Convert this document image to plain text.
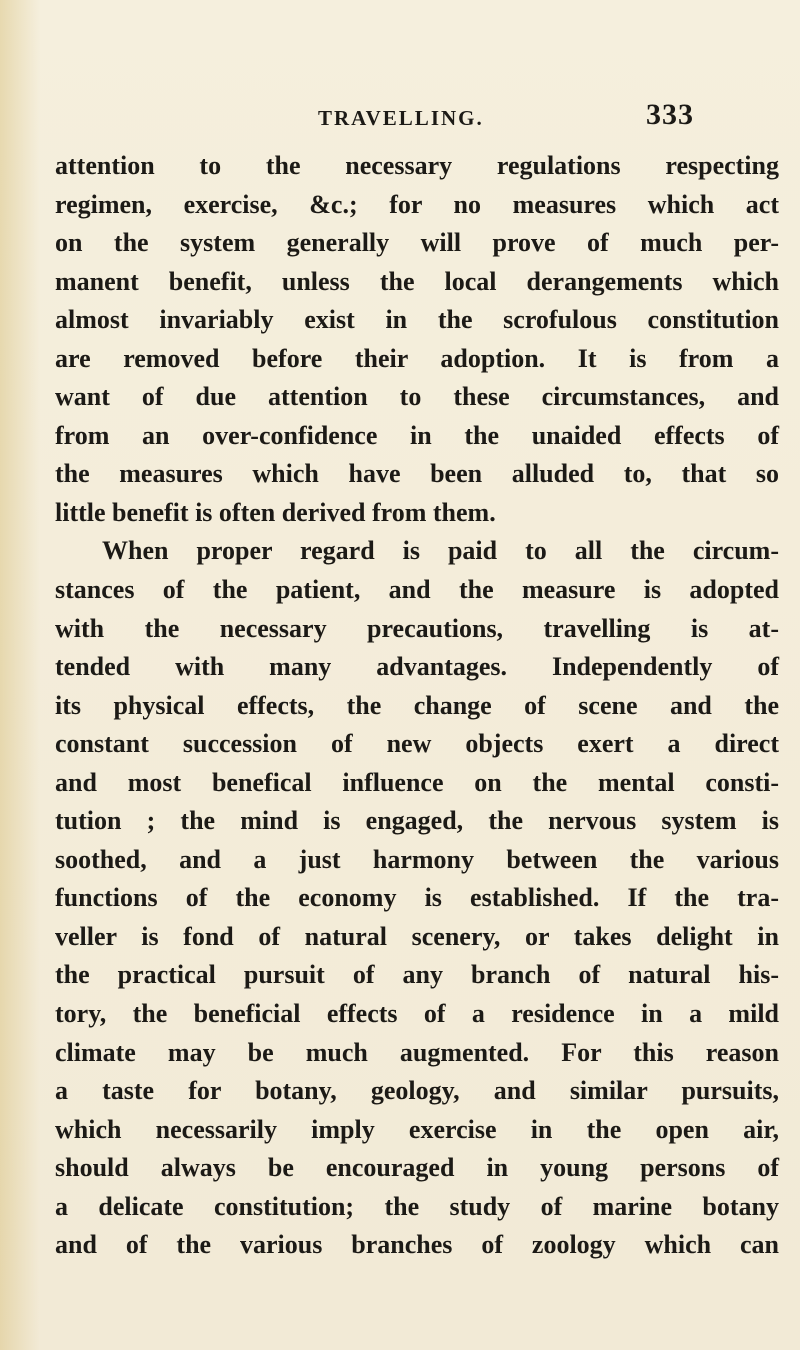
TRAVELLING.	333
attention to the necessary regulations respecting
regimen, exercise, &c.; for no measures which act
on the system generally will prove of much per-
manent benefit, unless the local derangements which
almost invariably exist in the scrofulous constitution
are removed before their adoption. It is from a
want of due attention to these circumstances, and
from an over-confidence in the unaided effects of
the measures which have been alluded to, that so
little benefit is often derived from them.
When proper regard is paid to all the circum-
stances of the patient, and the measure is adopted
with the necessary precautions, travelling is at-
tended with many advantages. Independently of
its physical effects, the change of scene and the
constant succession of new objects exert a direct
and most benefical influence on the mental consti-
tution ; the mind is engaged, the nervous system is
soothed, and a just harmony between the various
functions of the economy is established. If the tra-
veller is fond of natural scenery, or takes delight in
the practical pursuit of any branch of natural his-
tory, the beneficial effects of a residence in a mild
climate may be much augmented. For this reason
a taste for botany, geology, and similar pursuits,
which necessarily imply exercise in the open air,
should always be encouraged in young persons of
a delicate constitution; the study of marine botany
and of the various branches of zoology which can
